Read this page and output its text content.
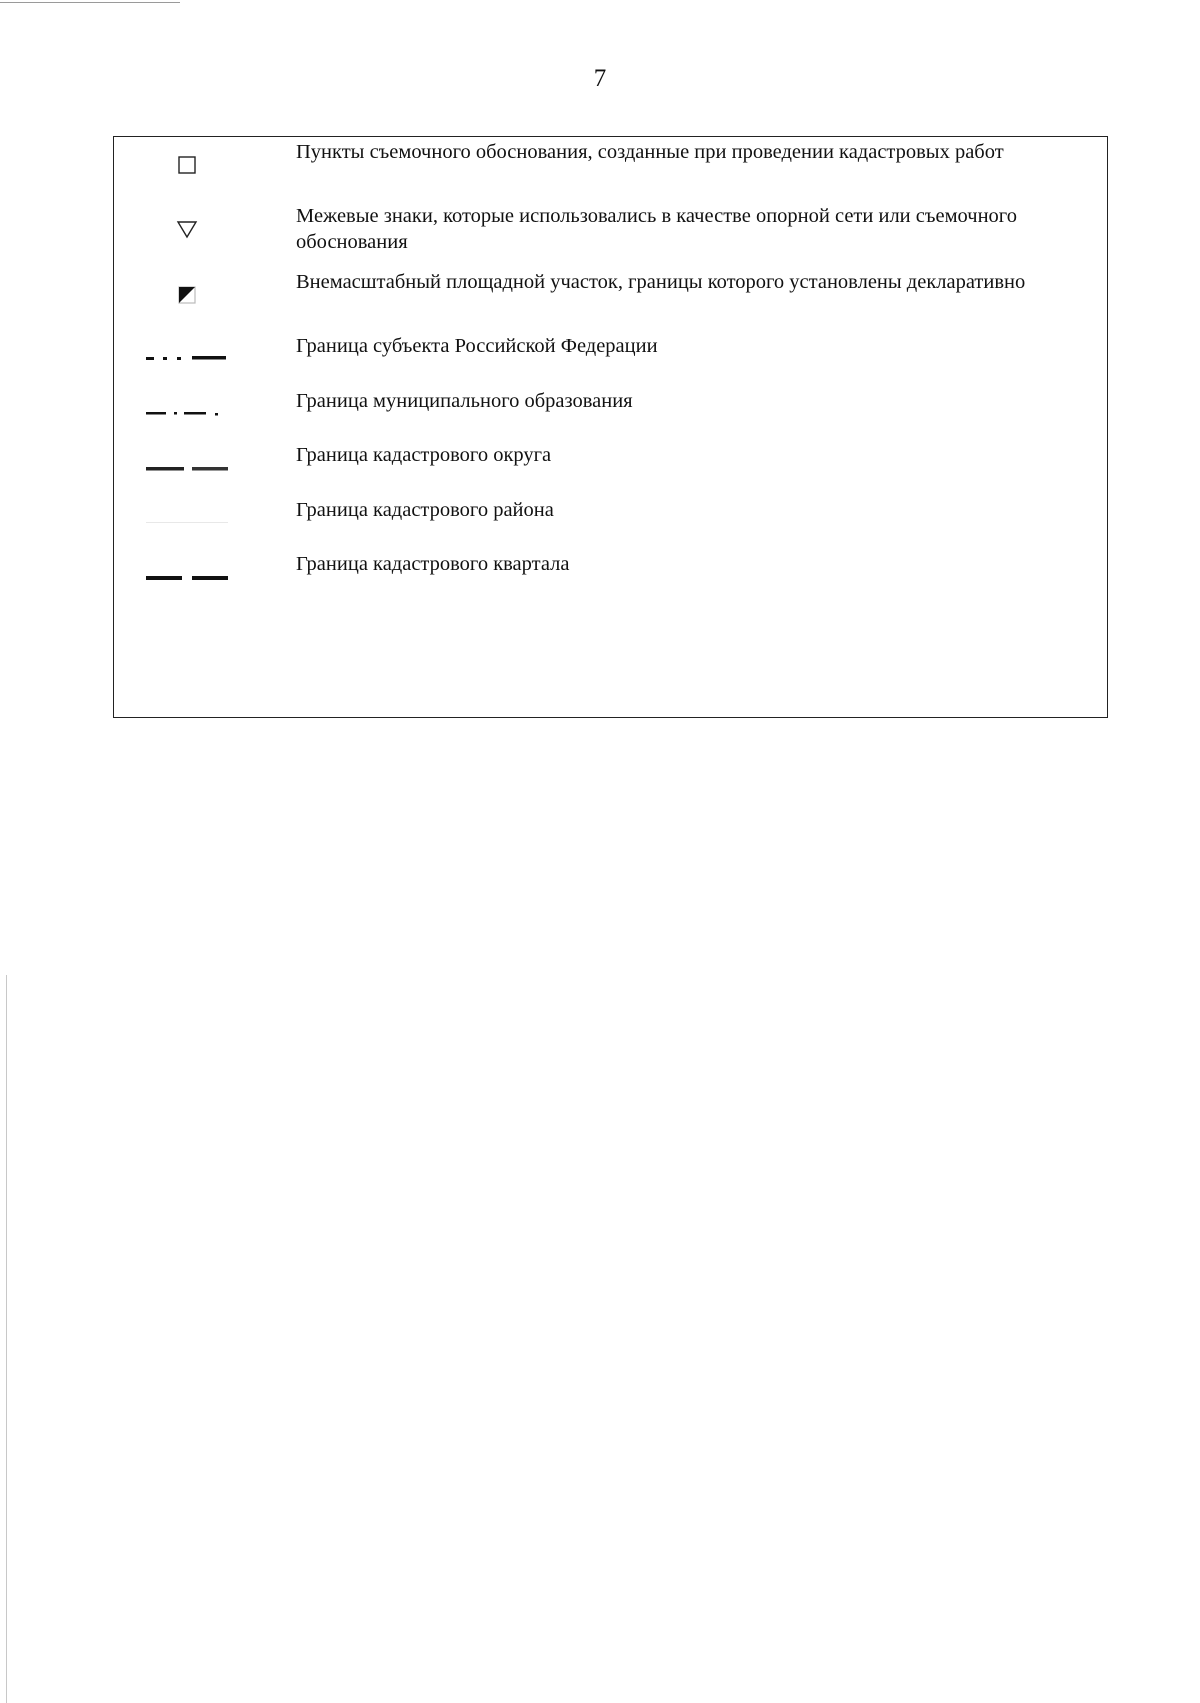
7
Пункты съемочного обоснования, созданные при проведении кадастровых работ
Межевые знаки, которые использовались в качестве опорной сети или съемочного обоснования
Внемасштабный площадной участок, границы которого установлены декларативно
Граница субъекта Российской Федерации
Граница муниципального образования
Граница кадастрового округа
Граница кадастрового района
Граница кадастрового квартала
